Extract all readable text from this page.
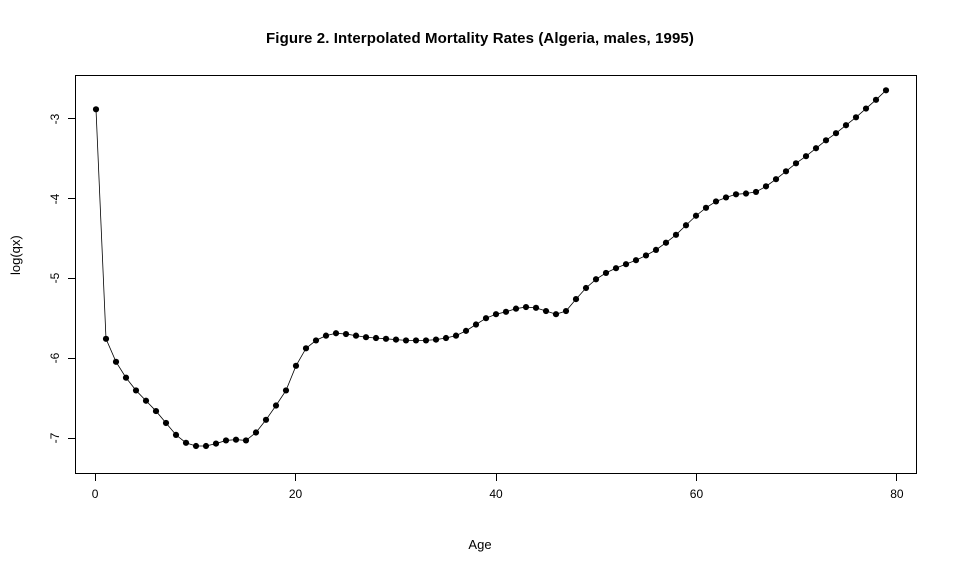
Figure 2. Interpolated Mortality Rates (Algeria, males, 1995)
0	20	40	60	80
-7
-6
-5
-4
-3
Age
log(qx)
